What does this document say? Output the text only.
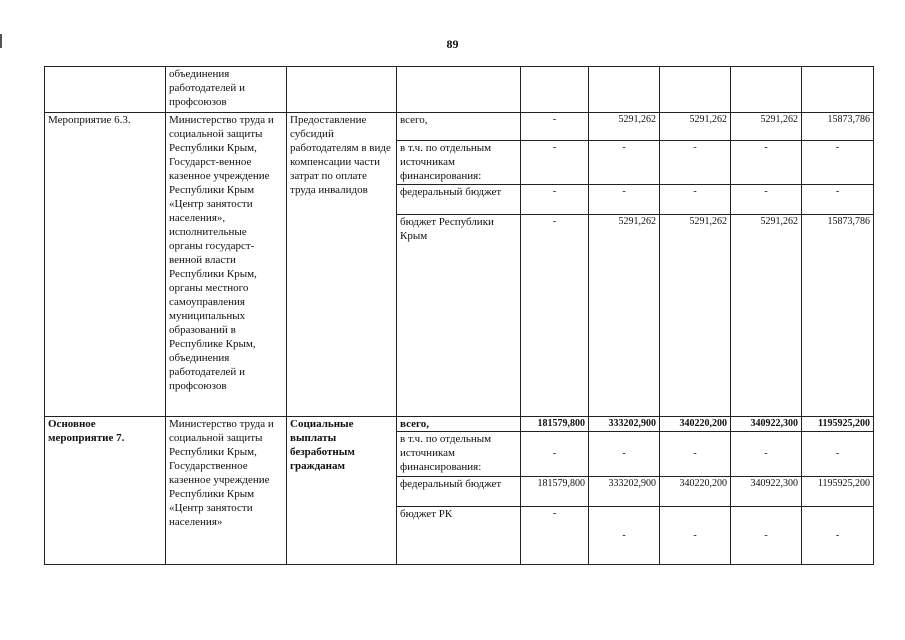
89
	объединения работодателей и профсоюзов							
Мероприятие 6.3.	Министерство труда и социальной защиты Республики Крым, Государст-венное казенное учреждение Республики Крым «Центр занятости населения», исполнительные органы государст-венной власти Республики Крым, органы местного самоуправления муниципальных образований в Республике Крым, объединения работодателей и профсоюзов	Предоставление субсидий работодателям в виде компенсации части затрат по оплате труда инвалидов	всего,	-	5291,262	5291,262	5291,262	15873,786
			в т.ч. по отдельным источникам финансирования:	-	-	-	-	-
			федеральный бюджет	-	-	-	-	-
			бюджет Республики Крым	-	5291,262	5291,262	5291,262	15873,786
Основное мероприятие 7.	Министерство труда и социальной защиты Республики Крым, Государственное казенное учреждение Республики Крым «Центр занятости населения»	Социальные выплаты безработным гражданам	всего,	181579,800	333202,900	340220,200	340922,300	1195925,200
			в т.ч. по отдельным источникам финансирования:	-	-	-	-	-
			федеральный бюджет	181579,800	333202,900	340220,200	340922,300	1195925,200
			бюджет РК	-	-	-	-	-
